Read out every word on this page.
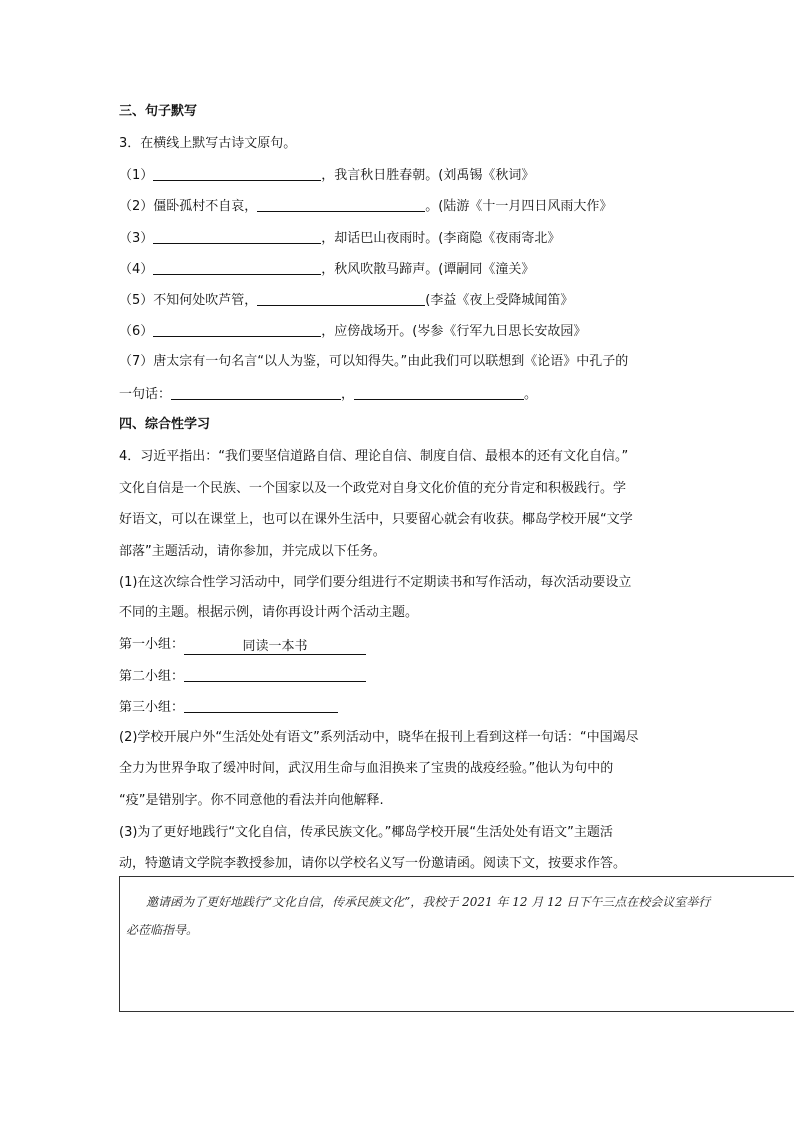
三、句子默写
3．在横线上默写古诗文原句。
（1）	，我言秋日胜春朝。(刘禹锡《秋词》
（2）僵卧孤村不自哀，	。(陆游《十一月四日风雨大作》
（3）	，却话巴山夜雨时。(李商隐《夜雨寄北》
（4）	，秋风吹散马蹄声。(谭嗣同《潼关》
（5）不知何处吹芦管，	(李益《夜上受降城闻笛》
（6）	，应傍战场开。(岑参《行军九日思长安故园》
（7）唐太宗有一句名言“以人为鉴，可以知得失。”由此我们可以联想到《论语》中孔子的
一句话：	，	。
四、综合性学习
4．习近平指出：“我们要坚信道路自信、理论自信、制度自信、最根本的还有文化自信。”
文化自信是一个民族、一个国家以及一个政党对自身文化价值的充分肯定和积极践行。学
好语文，可以在课堂上，也可以在课外生活中，只要留心就会有收获。椰岛学校开展“文学
部落”主题活动，请你参加，并完成以下任务。
(1)在这次综合性学习活动中，同学们要分组进行不定期读书和写作活动，每次活动要设立
不同的主题。根据示例，请你再设计两个活动主题。
第一小组：	同读一本书
第二小组：
第三小组：
(2)学校开展户外“生活处处有语文”系列活动中，晓华在报刊上看到这样一句话：“中国竭尽
全力为世界争取了缓冲时间，武汉用生命与血泪换来了宝贵的战疫经验。”他认为句中的
“疫”是错别字。你不同意他的看法并向他解释.
(3)为了更好地践行“文化自信，传承民族文化。”椰岛学校开展“生活处处有语文”主题活
动，特邀请文学院李教授参加，请你以学校名义写一份邀请函。阅读下文，按要求作答。
邀请函为了更好地践行“文化自信，传承民族文化”，我校于 2021 年 12 月 12 日下午三点在校会议室举行
必莅临指导。
